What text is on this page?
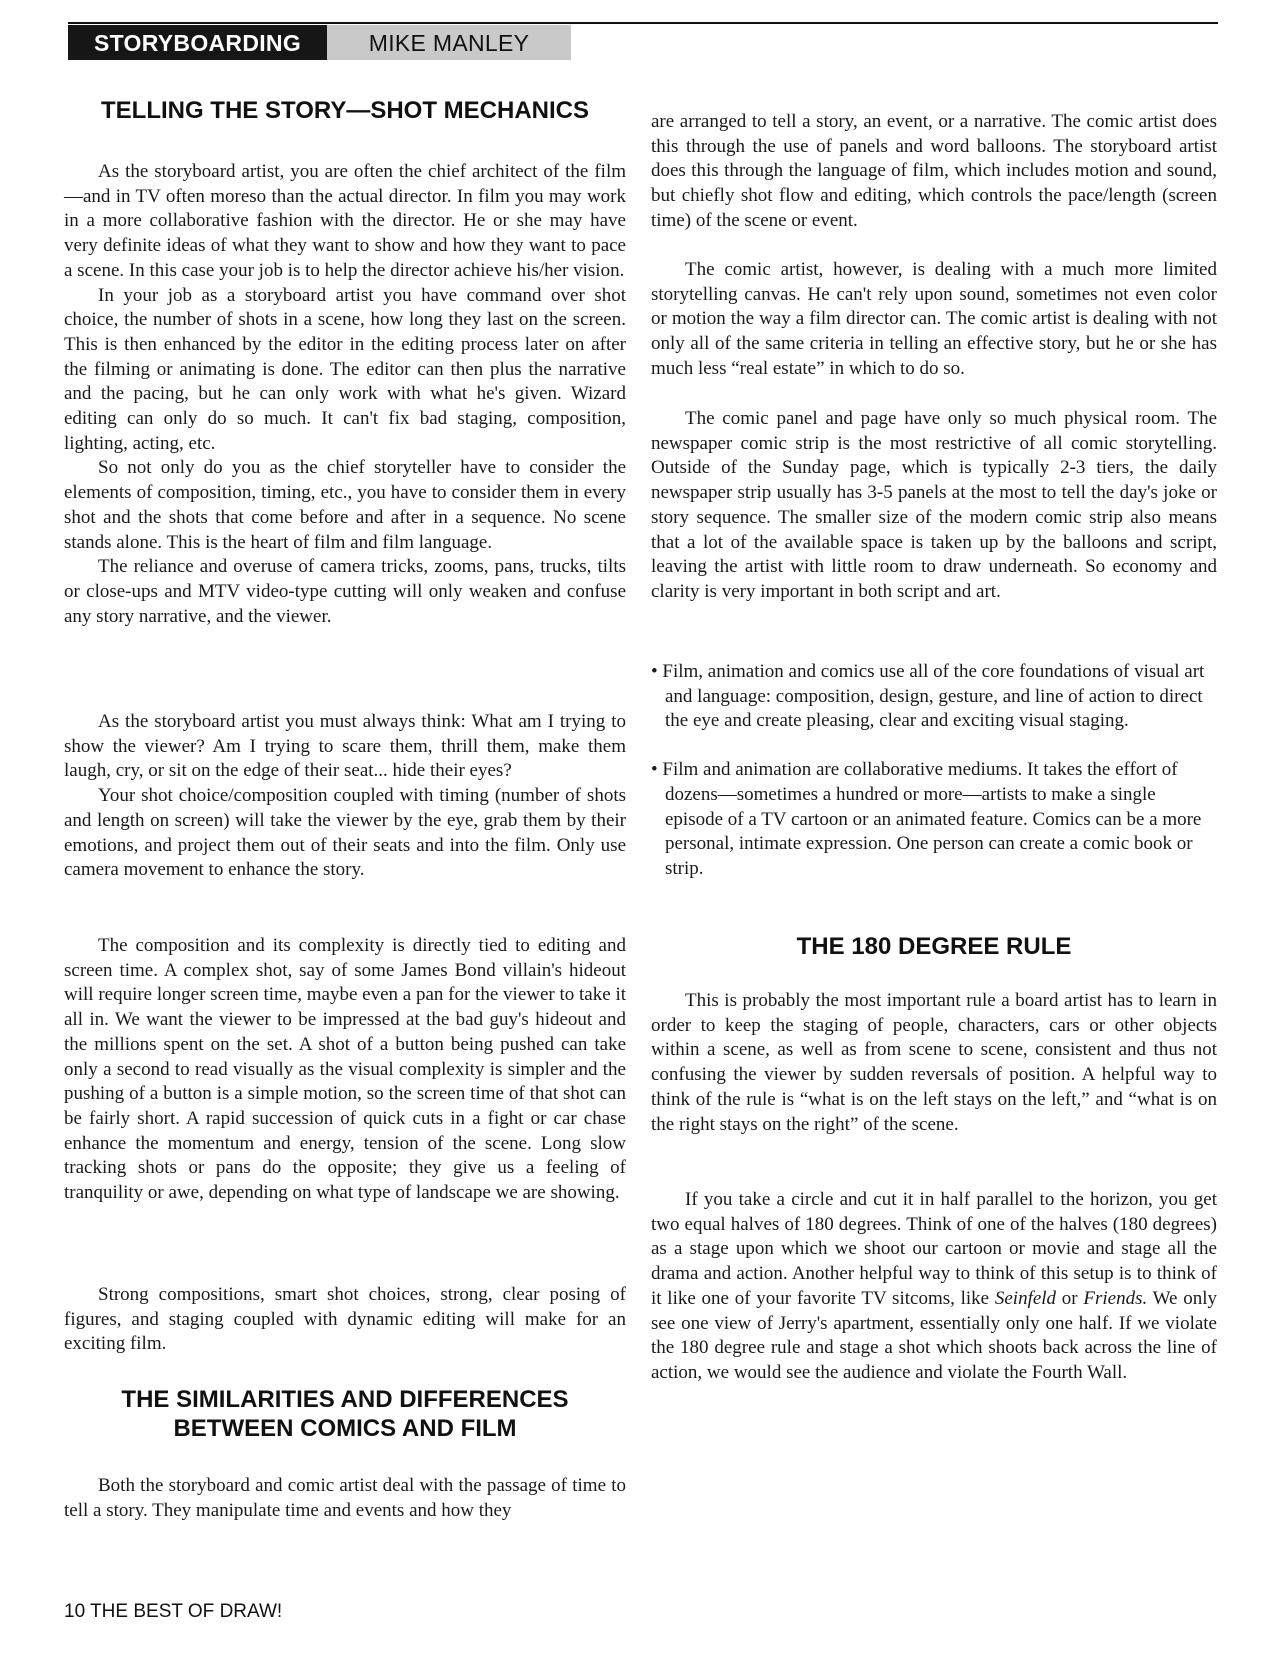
STORYBOARDING	MIKE MANLEY
TELLING THE STORY—SHOT MECHANICS

As the storyboard artist, you are often the chief architect of the film—and in TV often moreso than the actual director. In film you may work in a more collaborative fashion with the director. He or she may have very definite ideas of what they want to show and how they want to pace a scene. In this case your job is to help the director achieve his/her vision.

In your job as a storyboard artist you have command over shot choice, the number of shots in a scene, how long they last on the screen. This is then enhanced by the editor in the editing process later on after the filming or animating is done. The editor can then plus the narrative and the pacing, but he can only work with what he's given. Wizard editing can only do so much. It can't fix bad staging, composition, lighting, acting, etc.

So not only do you as the chief storyteller have to consider the elements of composition, timing, etc., you have to consider them in every shot and the shots that come before and after in a sequence. No scene stands alone. This is the heart of film and film language.

The reliance and overuse of camera tricks, zooms, pans, trucks, tilts or close-ups and MTV video-type cutting will only weaken and confuse any story narrative, and the viewer.

As the storyboard artist you must always think: What am I trying to show the viewer? Am I trying to scare them, thrill them, make them laugh, cry, or sit on the edge of their seat... hide their eyes?

Your shot choice/composition coupled with timing (number of shots and length on screen) will take the viewer by the eye, grab them by their emotions, and project them out of their seats and into the film. Only use camera movement to enhance the story.

The composition and its complexity is directly tied to editing and screen time. A complex shot, say of some James Bond villain's hideout will require longer screen time, maybe even a pan for the viewer to take it all in. We want the viewer to be impressed at the bad guy's hideout and the millions spent on the set. A shot of a button being pushed can take only a second to read visually as the visual complexity is simpler and the pushing of a button is a simple motion, so the screen time of that shot can be fairly short. A rapid succession of quick cuts in a fight or car chase enhance the momentum and energy, tension of the scene. Long slow tracking shots or pans do the opposite; they give us a feeling of tranquility or awe, depending on what type of landscape we are showing.

Strong compositions, smart shot choices, strong, clear posing of figures, and staging coupled with dynamic editing will make for an exciting film.

THE SIMILARITIES AND DIFFERENCES
BETWEEN COMICS AND FILM

Both the storyboard and comic artist deal with the passage of time to tell a story. They manipulate time and events and how they

are arranged to tell a story, an event, or a narrative. The comic artist does this through the use of panels and word balloons. The storyboard artist does this through the language of film, which includes motion and sound, but chiefly shot flow and editing, which controls the pace/length (screen time) of the scene or event.

The comic artist, however, is dealing with a much more limited storytelling canvas. He can't rely upon sound, sometimes not even color or motion the way a film director can. The comic artist is dealing with not only all of the same criteria in telling an effective story, but he or she has much less “real estate” in which to do so.

The comic panel and page have only so much physical room. The newspaper comic strip is the most restrictive of all comic storytelling. Outside of the Sunday page, which is typically 2-3 tiers, the daily newspaper strip usually has 3-5 panels at the most to tell the day's joke or story sequence. The smaller size of the modern comic strip also means that a lot of the available space is taken up by the balloons and script, leaving the artist with little room to draw underneath. So economy and clarity is very important in both script and art.

• Film, animation and comics use all of the core foundations of visual art and language: composition, design, gesture, and line of action to direct the eye and create pleasing, clear and exciting visual staging.
• Film and animation are collaborative mediums. It takes the effort of dozens—sometimes a hundred or more—artists to make a single episode of a TV cartoon or an animated feature. Comics can be a more personal, intimate expression. One person can create a comic book or strip.
THE 180 DEGREE RULE

This is probably the most important rule a board artist has to learn in order to keep the staging of people, characters, cars or other objects within a scene, as well as from scene to scene, consistent and thus not confusing the viewer by sudden reversals of position. A helpful way to think of the rule is “what is on the left stays on the left,” and “what is on the right stays on the right” of the scene.

If you take a circle and cut it in half parallel to the horizon, you get two equal halves of 180 degrees. Think of one of the halves (180 degrees) as a stage upon which we shoot our cartoon or movie and stage all the drama and action. Another helpful way to think of this setup is to think of it like one of your favorite TV sitcoms, like Seinfeld or Friends. We only see one view of Jerry's apartment, essentially only one half. If we violate the 180 degree rule and stage a shot which shoots back across the line of action, we would see the audience and violate the Fourth Wall.

10 THE BEST OF DRAW!
